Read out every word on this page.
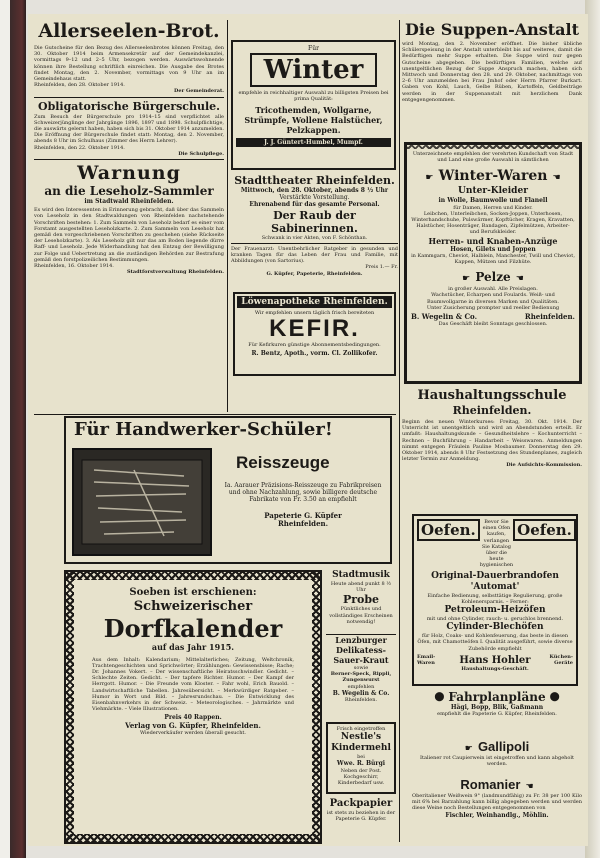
Allerseelen-Brot.

Die Gutscheine für den Bezug des Allerseelenbrotes können Freitag, den 30. Oktober 1914 beim Armensekretär auf der Gemeindekanzlei, vormittags 9–12 und 2–5 Uhr, bezogen werden. Auswärtswohnende können ihre Bestellung schriftlich einreichen. Die Ausgabe des Brotes findet Montag, den 2. November, vormittags von 9 Uhr an im Gemeindehaus statt.

Rheinfelden, den 28. Oktober 1914.

Der Gemeinderat.

Obligatorische Bürgerschule.

Zum Besuch der Bürgerschule pro 1914–15 sind verpflichtet alle Schweizerjünglinge der Jahrgänge 1896, 1897 und 1898. Schulpflichtige, die auswärts gelernt haben, haben sich bis 31. Oktober 1914 anzumelden. Die Eröffnung der Bürgerschule findet statt: Montag, den 2. November, abends 8 Uhr im Schulhaus (Zimmer des Herrn Lehrer).

Rheinfelden, den 22. Oktober 1914.

Die Schulpflege.

Warnung
an die Leseholz-Sammler
im Stadtwald Rheinfelden.

Es wird den Interessenten in Erinnerung gebracht, daß über das Sammeln von Leseholz in den Stadtwaldungen von Rheinfelden nachstehende Vorschriften bestehen: 1. Zum Sammeln von Leseholz bedarf es einer vom Forstamt ausgestellten Leseholzkarte. 2. Zum Sammeln von Leseholz hat gemäß den vorgeschriebenen Vorschriften zu geschehen (siehe Rückseite der Leseholzkarte). 3. Als Leseholz gilt nur das am Boden liegende dürre Raff- und Leseholz. Jede Widerhandlung hat den Entzug der Bewilligung zur Folge und Uebertretung an die zuständigen Behörden zur Bestrafung gemäß den forstpolizeilichen Bestimmungen.

Rheinfelden, 16. Oktober 1914.

Stadtforstverwaltung Rheinfelden.

Für
Winter

empfehle in reichhaltiger Auswahl zu billigsten Preisen bei prima Qualität:

Tricothemden, Wollgarne, Strümpfe, Wollene Halstücher, Pelzkappen.

J. J. Güntert-Humbel, Mumpf.

Stadttheater Rheinfelden.
Mittwoch, den 28. Oktober, abends 8 ½ Uhr
Verstärkte Vorstellung.
Ehrenabend für das gesamte Personal.
Der Raub der Sabinerinnen.
Schwank in vier Akten, von F. Schönthan.

Der Frauenarzt: Unentbehrlicher Ratgeber in gesunden und kranken Tagen für das Leben der Frau und Familie, mit Abbildungen (von Sartorius).

Preis 1.— Fr.

G. Küpfer, Papeterie, Rheinfelden.

Löwenapotheke Rheinfelden.
Wir empfehlen unsern täglich frisch bereiteten
KEFIR.
Für Kefirkuren günstige Abonnementsbedingungen.
R. Bentz, Apoth., vorm. Cl. Zollikofer.
Die Suppen-Anstalt

wird Montag, den 2. November eröffnet. Die bisher übliche Schülerspeisung in der Anstalt unterbleibt bis auf weiteres, damit die Bedürftigen mehr Suppe erhalten. Die Suppe wird nur gegen Gutscheine abgegeben. Die bedürftigen Familien, welche auf unentgeltlichen Bezug der Suppe Anspruch machen, haben sich Mittwoch und Donnerstag den 28. und 29. Oktober, nachmittags von 2–6 Uhr anzumelden bei Frau Jmhof oder Herrn Pfarrer Burkart. Gaben von Kohl, Lauch, Gelbe Rüben, Kartoffeln, Geldbeiträge werden in der Suppenanstalt mit herzlichem Dank entgegengenommen.

Unterzeichnete empfehlen der verehrten Kundschaft von Stadt und Land eine große Auswahl in sämtlichen

☛ Winter-Waren ☚
Unter-Kleider
in Wolle, Baumwolle und Flanell
für Damen, Herren und Kinder.

Leibchen, Unterleibchen, Socken-Joppen, Unterhosen, Winterhandschuhe, Pulswärmer, Kopftücher, Kragen, Kravatten, Halstücher, Hosenträger, Bandagen, Zipfelmützen, Arbeiter- und Berufskleider.

Herren- und Knaben-Anzüge
Hosen, Gilets und Joppen

in Kammgarn, Cheviot, Halblein, Manchester, Twill und Cheviot, Kappen, Mützen und Filzhüte.

☛ Pelze ☚

in großer Auswahl. Alle Preislagen.

Wachstücher, Echarpen und Foulards. Weiß- und Baumwollgarne in diversen Marken und Qualitäten.

Unter Zusicherung prompter und reeller Bedienung

B. Wegelin & Co.	Rheinfelden.

Das Geschäft bleibt Sonntags geschlossen.

Haushaltungsschule
Rheinfelden.

Beginn des neuen Winterkurses: Freitag, 30. Okt. 1914. Der Unterricht ist unentgeltlich und wird an Abendstunden erteilt. Er umfaßt: Haushaltungskunde – Gesundheitslehre – Kochunterricht – Rechnen – Buchführung – Handarbeit – Weisswaren. Anmeldungen nimmt entgegen Fräulein Pauline Mosbaumer. Donnerstag den 29. Oktober 1914, abends 8 Uhr Festsetzung des Stundenplanes, zugleich letzter Termin zur Anmeldung.

Die Aufsichts-Kommission.

Für Handwerker-Schüler!
Reisszeuge

Ia. Aarauer Präzisions-Reisszeuge zu Fabrikpreisen und ohne Nachzahlung, sowie billigere deutsche Fabrikate von Fr. 3.50 an empfiehlt

Papeterie G. Küpfer

Rheinfelden.

Soeben ist erschienen:
Schweizerischer
Dorfkalender
auf das Jahr 1915.

Aus dem Inhalt: Kalendarium; Mittelalterliches; Zeitung, Weltchronik, Trachtengeschichten und Sprichwörter; Erzählungen: Gewissensbisse; Rache; Dr. Johannes Vokert. – Der wissenschaftliche Heiratsschwindler. Gedicht. – Schlechte Zeiten. Gedicht. – Der tapfere Richter. Humor. – Der Kampf der Herrgott. Humor. – Die Freunde vom Kloster. – Fahr wohl, Erich Bauold. – Landwirtschaftliche Tabellen. Jahresübersicht. – Merkwürdiger Ratgeber. – Humor in Wort und Bild. – Jahresrundschau. – Die Entwicklung des Eisenbahnverkehrs in der Schweiz. – Meteorologisches. – Jahrmärkte und Viehmärkte. – Viele Illustrationen.

Preis 40 Rappen.

Verlag von G. Küpfer, Rheinfelden.

Wiederverkäufer werden überall gesucht.

Stadtmusik
Heute abend punkt 8 ½ Uhr
Probe

Pünktliches und vollständiges Erscheinen notwendig!

Lenzburger Delikatess-Sauer-Kraut
sowie
Berner-Speck, Rippli, Zungenwurst
empfehlen
B. Wegelin & Co.
Rheinfelden.
Frisch eingetroffen
Nestle's Kindermehl
bei
Wwe. R. Bürgi
Neben der Post. Kochgeschirr, Kinderbedarf usw.
Packpapier

ist stets zu beziehen in der Papeterie G. Küpfer.

Oefen.	Bevor Sie einen Ofen kaufen, verlangen Sie Katalog über die heute hygienischen
Oefen.
Original-Dauerbrandofen 'Automat'

Einfache Bedienung, selbsttätige Regulierung, große Kohlenersparnis. – Ferner:

Petroleum-Heizöfen

mit und ohne Cylinder, rauch- u. geruchlos brennend.

Cylinder-Blechöfen

für Holz, Coaks- und Kohlenfeuerung, das beste in diesen Öfen, mit Chamotteöfen I. Qualität ausgeführt, sowie diverse Zubehörde empfiehlt

Email-Waren	Hans Hohler	Küchen-Geräte

Haushaltungs-Geschäft.

⬤ Fahrplanpläne ⬤
Hägi, Bopp, Blik, Gaßmann
empfiehlt die Papeterie G. Küpfer, Rheinfelden.
☛ Gallipoli

Italiener rot Caupierwein ist eingetroffen und kann abgeholt werden.

Romanier ☚

Oberitaliener Weißwein 9° (landmundfähig) zu Fr. 38 per 100 Kilo mit 6% bei Barzahlung kann billig abgegeben werden und werden diese Weine noch Bestellungen entgegenommen von

Fischler, Weinhandlg., Möhlin.
